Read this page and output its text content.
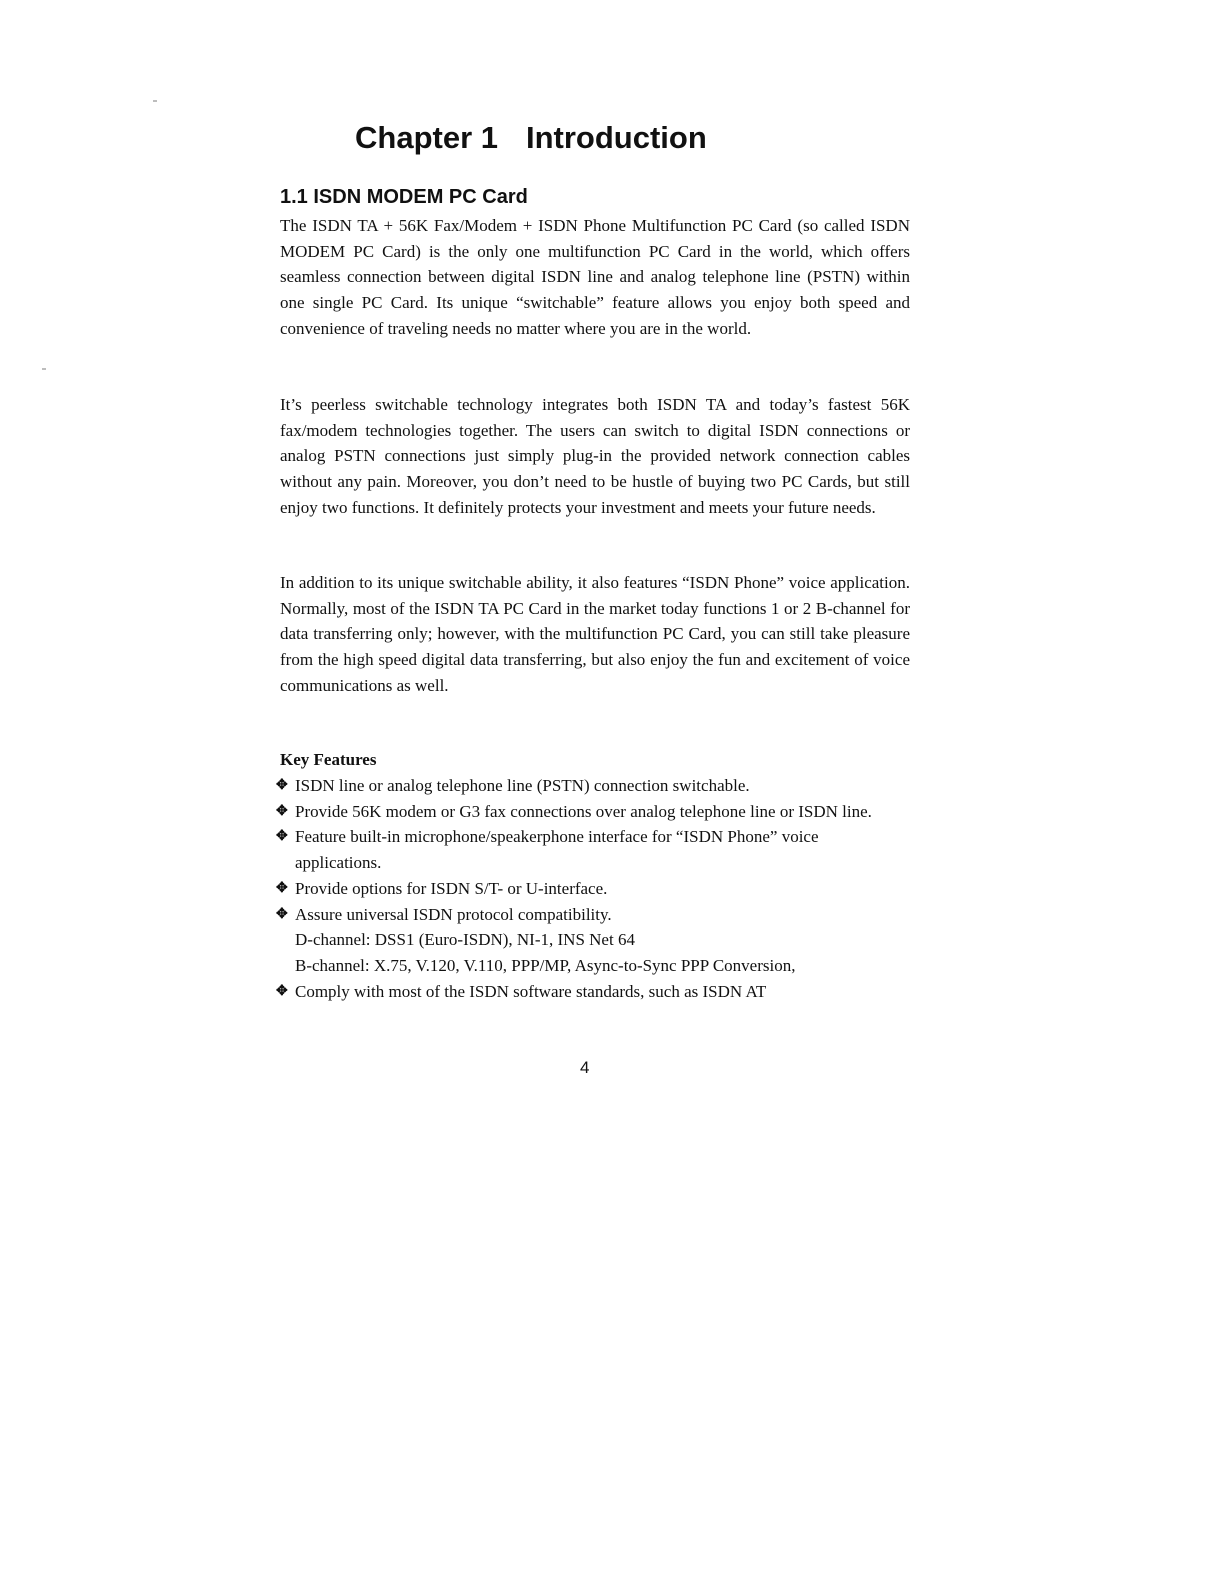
Chapter 1 Introduction
1.1 ISDN MODEM PC Card

The ISDN TA + 56K Fax/Modem + ISDN Phone Multifunction PC Card (so called ISDN MODEM PC Card) is the only one multifunction PC Card in the world, which offers seamless connection between digital ISDN line and analog telephone line (PSTN) within one single PC Card. Its unique “switchable” feature allows you enjoy both speed and convenience of traveling needs no matter where you are in the world.

It’s peerless switchable technology integrates both ISDN TA and today’s fastest 56K fax/modem technologies together. The users can switch to digital ISDN connections or analog PSTN connections just simply plug-in the provided network connection cables without any pain. Moreover, you don’t need to be hustle of buying two PC Cards, but still enjoy two functions. It definitely protects your investment and meets your future needs.

In addition to its unique switchable ability, it also features “ISDN Phone” voice application. Normally, most of the ISDN TA PC Card in the market today functions 1 or 2 B-channel for data transferring only; however, with the multifunction PC Card, you can still take pleasure from the high speed digital data transferring, but also enjoy the fun and excitement of voice communications as well.

Key Features
✥ ISDN line or analog telephone line (PSTN) connection switchable.
✥ Provide 56K modem or G3 fax connections over analog telephone line or ISDN line.
✥ Feature built-in microphone/speakerphone interface for “ISDN Phone” voice applications.
✥ Provide options for ISDN S/T- or U-interface.
✥ Assure universal ISDN protocol compatibility.
D-channel: DSS1 (Euro-ISDN), NI-1, INS Net 64
B-channel: X.75, V.120, V.110, PPP/MP, Async-to-Sync PPP Conversion,
✥ Comply with most of the ISDN software standards, such as ISDN AT

4
